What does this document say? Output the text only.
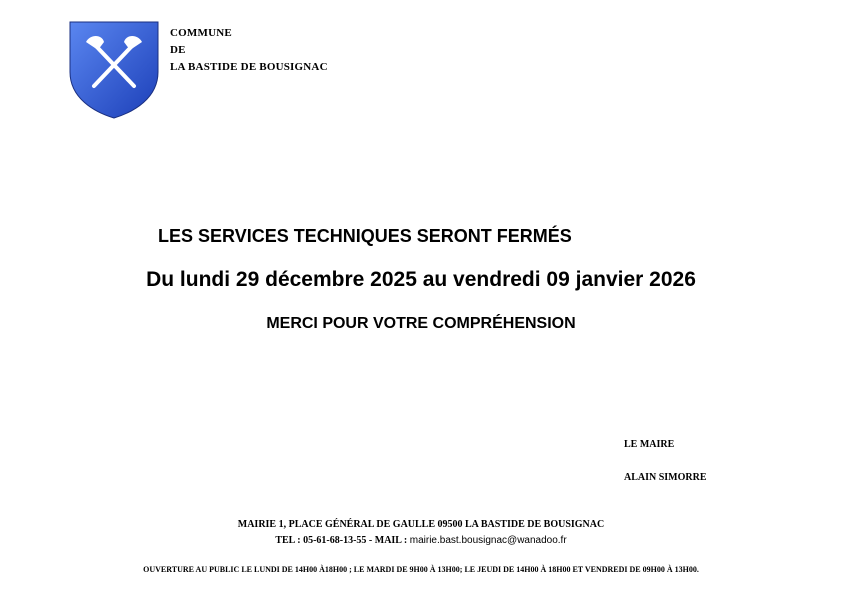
COMMUNE
DE
LA BASTIDE DE BOUSIGNAC
LES SERVICES TECHNIQUES SERONT FERMÉS
Du lundi 29 décembre 2025 au vendredi 09 janvier 2026
MERCI POUR VOTRE COMPRÉHENSION
LE MAIRE
ALAIN SIMORRE
MAIRIE 1, PLACE GÉNÉRAL DE GAULLE 09500 LA BASTIDE DE BOUSIGNAC
TEL : 05-61-68-13-55 - MAIL : mairie.bast.bousignac@wanadoo.fr
OUVERTURE AU PUBLIC LE LUNDI DE 14H00 À18H00 ; LE MARDI DE 9H00 À 13H00; LE JEUDI DE 14H00 À 18H00 ET VENDREDI DE 09H00 À 13H00.
